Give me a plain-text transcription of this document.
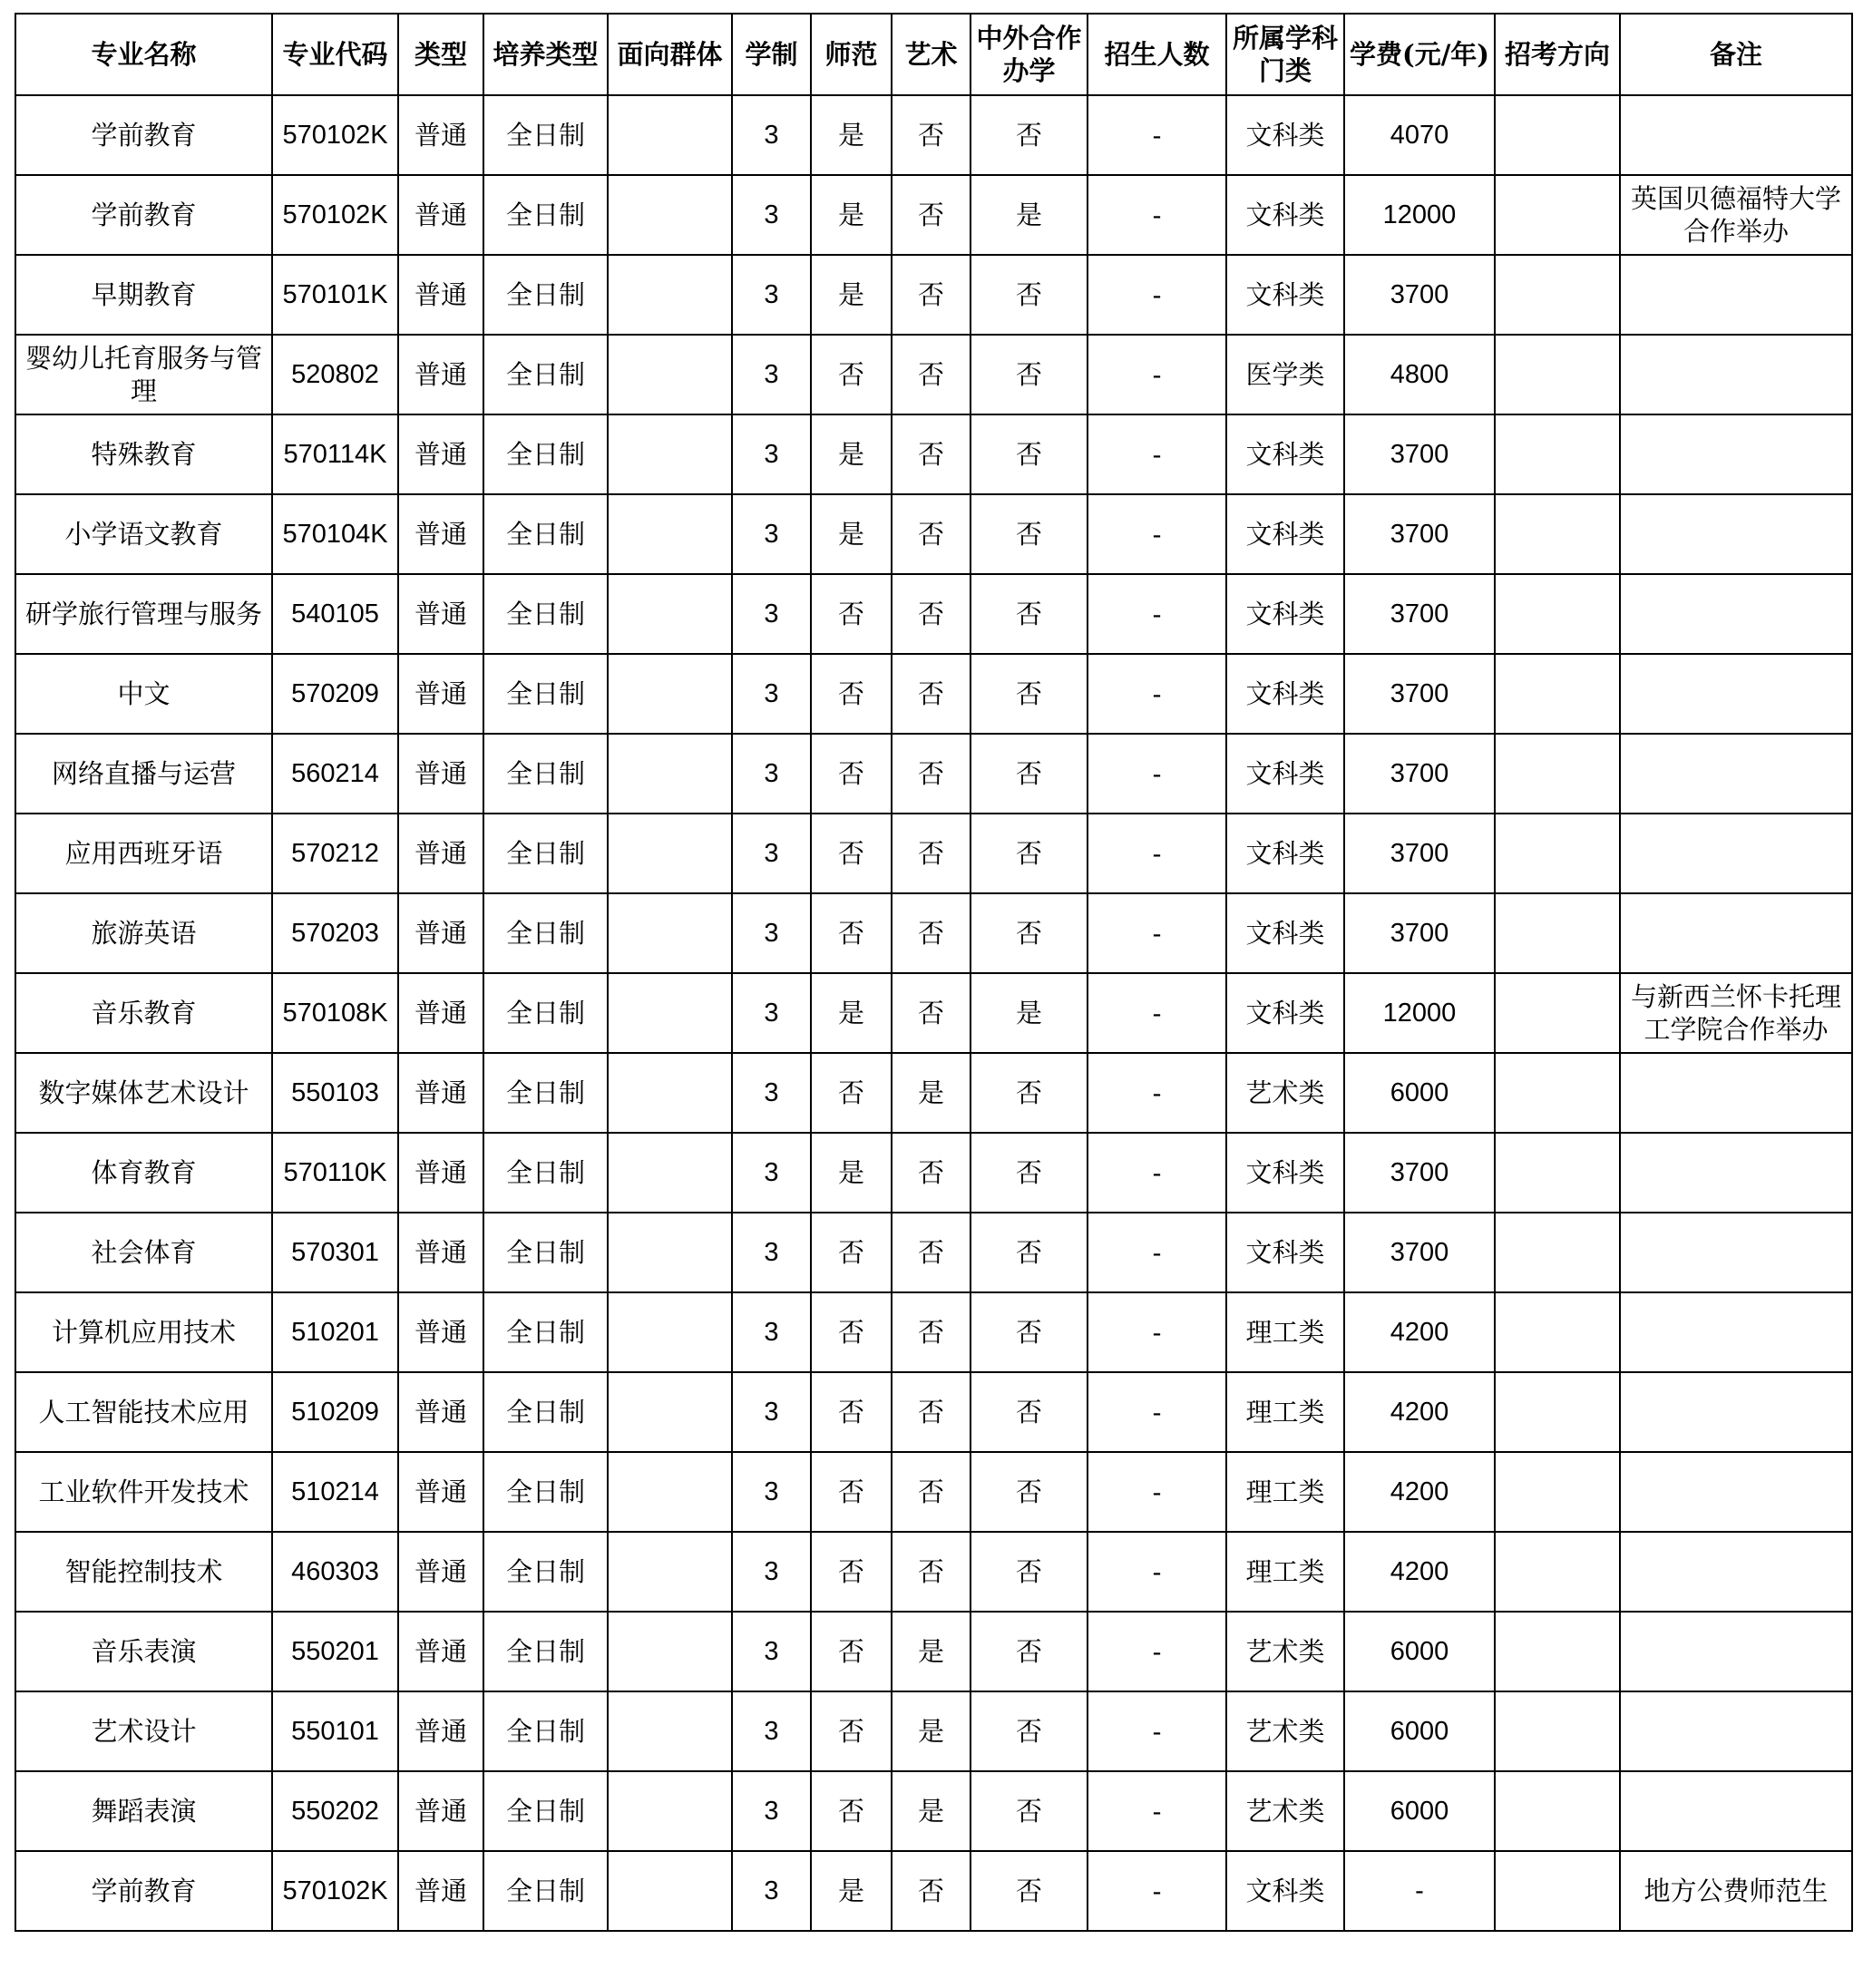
专业名称	专业代码	类型	培养类型	面向群体	学制	师范	艺术	中外合作办学	招生人数	所属学科门类	学费(元/年)	招考方向	备注
学前教育	570102K	普通	全日制		3	是	否	否	-	文科类	4070		
学前教育	570102K	普通	全日制		3	是	否	是	-	文科类	12000		英国贝德福特大学合作举办
早期教育	570101K	普通	全日制		3	是	否	否	-	文科类	3700		
婴幼儿托育服务与管理	520802	普通	全日制		3	否	否	否	-	医学类	4800		
特殊教育	570114K	普通	全日制		3	是	否	否	-	文科类	3700		
小学语文教育	570104K	普通	全日制		3	是	否	否	-	文科类	3700		
研学旅行管理与服务	540105	普通	全日制		3	否	否	否	-	文科类	3700		
中文	570209	普通	全日制		3	否	否	否	-	文科类	3700		
网络直播与运营	560214	普通	全日制		3	否	否	否	-	文科类	3700		
应用西班牙语	570212	普通	全日制		3	否	否	否	-	文科类	3700		
旅游英语	570203	普通	全日制		3	否	否	否	-	文科类	3700		
音乐教育	570108K	普通	全日制		3	是	否	是	-	文科类	12000		与新西兰怀卡托理工学院合作举办
数字媒体艺术设计	550103	普通	全日制		3	否	是	否	-	艺术类	6000		
体育教育	570110K	普通	全日制		3	是	否	否	-	文科类	3700		
社会体育	570301	普通	全日制		3	否	否	否	-	文科类	3700		
计算机应用技术	510201	普通	全日制		3	否	否	否	-	理工类	4200		
人工智能技术应用	510209	普通	全日制		3	否	否	否	-	理工类	4200		
工业软件开发技术	510214	普通	全日制		3	否	否	否	-	理工类	4200		
智能控制技术	460303	普通	全日制		3	否	否	否	-	理工类	4200		
音乐表演	550201	普通	全日制		3	否	是	否	-	艺术类	6000		
艺术设计	550101	普通	全日制		3	否	是	否	-	艺术类	6000		
舞蹈表演	550202	普通	全日制		3	否	是	否	-	艺术类	6000		
学前教育	570102K	普通	全日制		3	是	否	否	-	文科类	-		地方公费师范生
